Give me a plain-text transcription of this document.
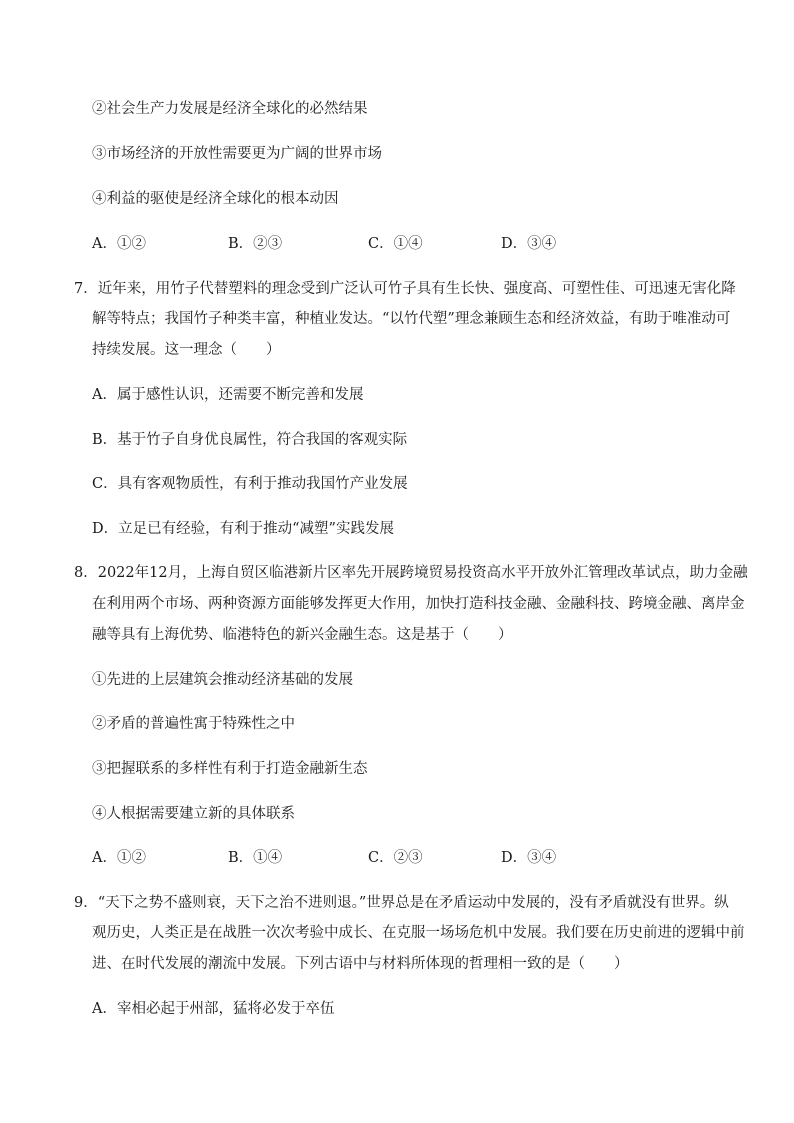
②社会生产力发展是经济全球化的必然结果
③市场经济的开放性需要更为广阔的世界市场
④利益的驱使是经济全球化的根本动因
A．①②	B．②③	C．①④	D．③④
7．近年来，用竹子代替塑料的理念受到广泛认可竹子具有生长快、强度高、可塑性佳、可迅速无害化降
解等特点；我国竹子种类丰富，种植业发达。“以竹代塑”理念兼顾生态和经济效益，有助于唯准动可
持续发展。这一理念（　　）
A．属于感性认识，还需要不断完善和发展
B．基于竹子自身优良属性，符合我国的客观实际
C．具有客观物质性，有利于推动我国竹产业发展
D．立足已有经验，有利于推动“减塑”实践发展
8．2022年12月，上海自贸区临港新片区率先开展跨境贸易投资高水平开放外汇管理改革试点，助力金融
在利用两个市场、两种资源方面能够发挥更大作用，加快打造科技金融、金融科技、跨境金融、离岸金
融等具有上海优势、临港特色的新兴金融生态。这是基于（　　）
①先进的上层建筑会推动经济基础的发展
②矛盾的普遍性寓于特殊性之中
③把握联系的多样性有利于打造金融新生态
④人根据需要建立新的具体联系
A．①②	B．①④	C．②③	D．③④
9．“天下之势不盛则衰，天下之治不进则退。”世界总是在矛盾运动中发展的，没有矛盾就没有世界。纵
观历史，人类正是在战胜一次次考验中成长、在克服一场场危机中发展。我们要在历史前进的逻辑中前
进、在时代发展的潮流中发展。下列古语中与材料所体现的哲理相一致的是（　　）
A．宰相必起于州部，猛将必发于卒伍
